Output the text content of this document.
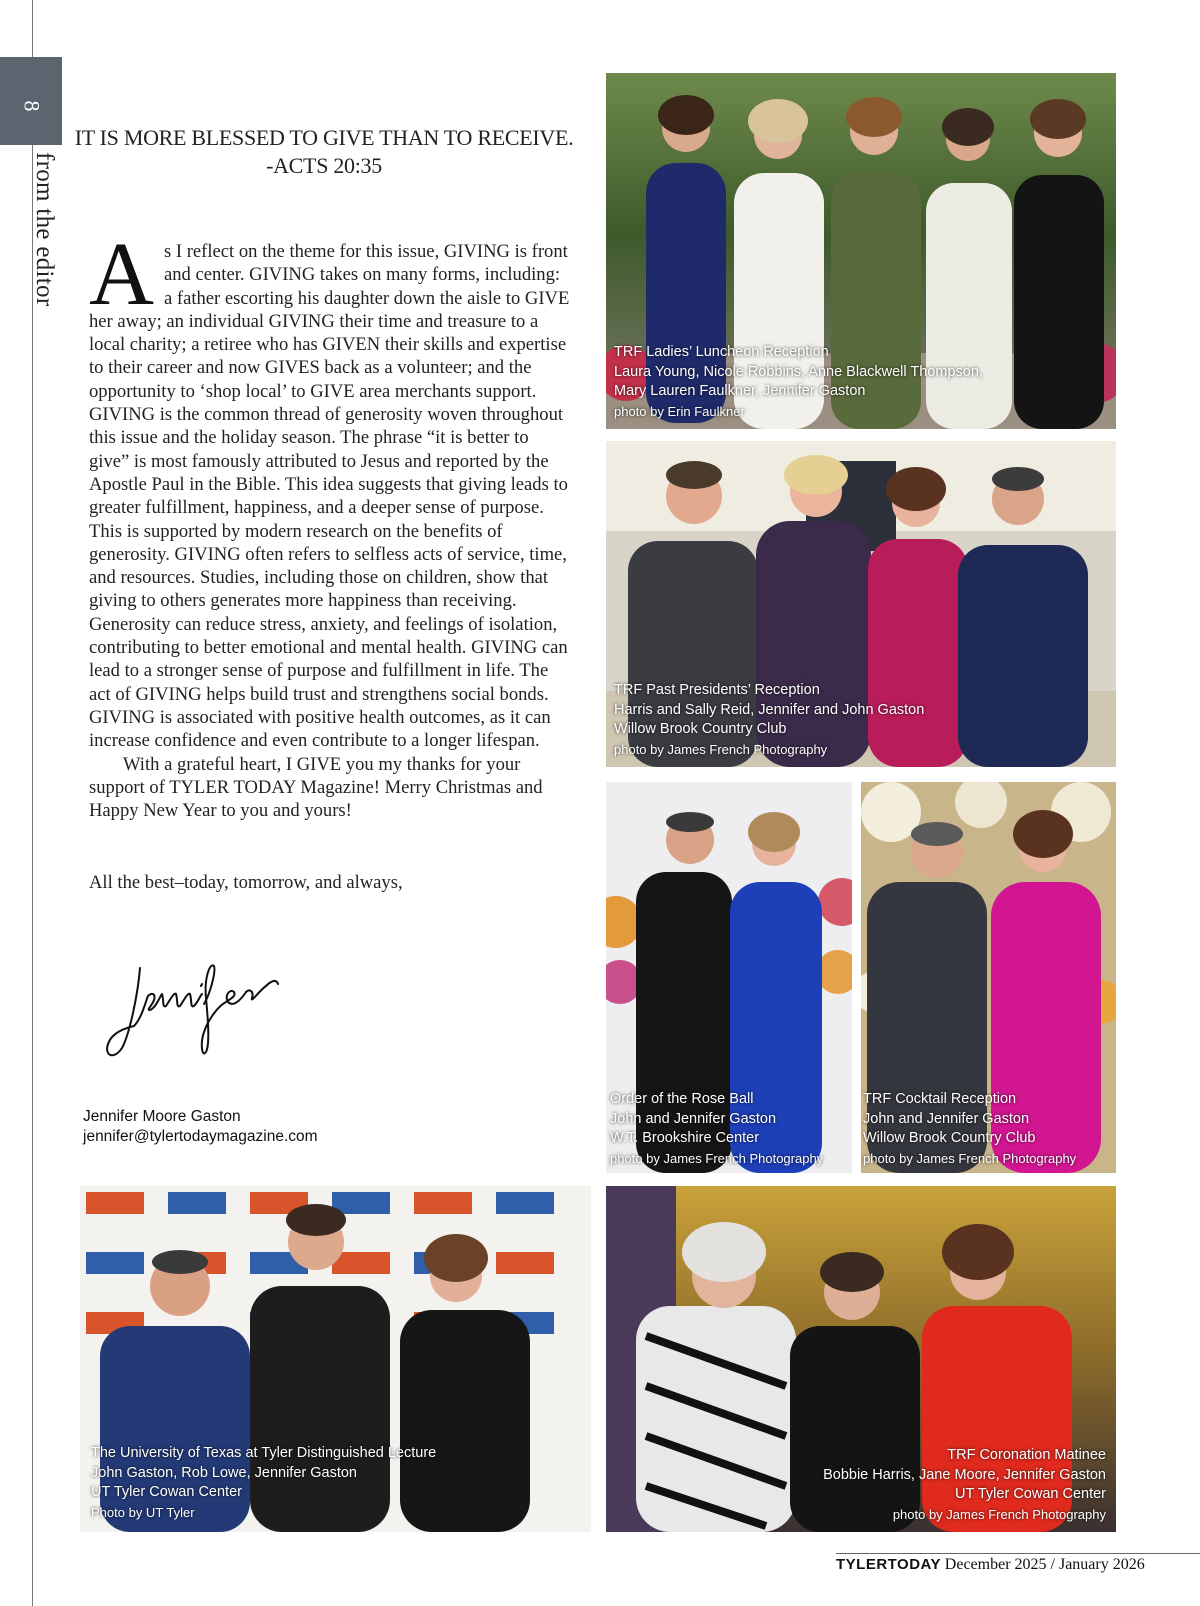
8
from the editor
IT IS MORE BLESSED TO GIVE THAN TO RECEIVE.
-ACTS 20:35
A s I reflect on the theme for this issue, GIVING is front and center. GIVING takes on many forms, including: a father escorting his daughter down the aisle to GIVE her away; an individual GIVING their time and treasure to a local charity; a retiree who has GIVEN their skills and expertise to their career and now GIVES back as a volunteer; and the opportunity to ‘shop local’ to GIVE area merchants support. GIVING is the common thread of generosity woven throughout this issue and the holiday season. The phrase “it is better to give” is most famously attributed to Jesus and reported by the Apostle Paul in the Bible. This idea suggests that giving leads to greater fulfillment, happiness, and a deeper sense of purpose. This is supported by modern research on the benefits of generosity. GIVING often refers to selfless acts of service, time, and resources. Studies, including those on children, show that giving to others generates more happiness than receiving. Generosity can reduce stress, anxiety, and feelings of isolation, contributing to better emotional and mental health. GIVING can lead to a stronger sense of purpose and fulfillment in life. The act of GIVING helps build trust and strengthens social bonds. GIVING is associated with positive health outcomes, as it can increase confidence and even contribute to a longer lifespan.

With a grateful heart, I GIVE you my thanks for your support of TYLER TODAY Magazine! Merry Christmas and Happy New Year to you and yours!

All the best–today, tomorrow, and always,
Jennifer Moore Gaston
jennifer@tylertodaymagazine.com
TRF Ladies’ Luncheon Reception
Laura Young, Nicole Robbins, Anne Blackwell Thompson,
Mary Lauren Faulkner, Jennifer Gaston
photo by Erin Faulkner
TRF Past Presidents’ Reception
Harris and Sally Reid, Jennifer and John Gaston
Willow Brook Country Club
photo by James French Photography
Order of the Rose Ball
John and Jennifer Gaston
W.T. Brookshire Center
photo by James French Photography
TRF Cocktail Reception
John and Jennifer Gaston
Willow Brook Country Club
photo by James French Photography
The University of Texas at Tyler Distinguished Lecture
John Gaston, Rob Lowe, Jennifer Gaston
UT Tyler Cowan Center
Photo by UT Tyler
TRF Coronation Matinee
Bobbie Harris, Jane Moore, Jennifer Gaston
UT Tyler Cowan Center
photo by James French Photography
TYLERTODAY December 2025 / January 2026
